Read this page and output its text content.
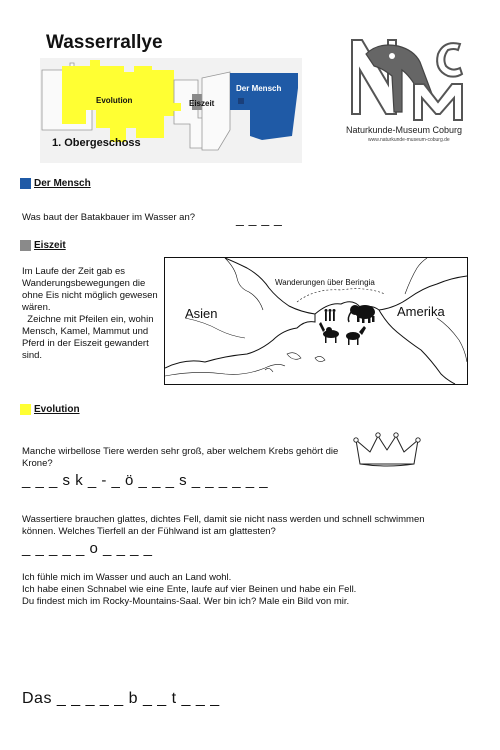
Wasserrallye
Evolution	Eiszeit
Der Mensch
1. Obergeschoss
Naturkunde-Museum Coburg
www.naturkunde-museum-coburg.de
Der Mensch
Was baut der Batakbauer im Wasser an?	_ _ _ _
Eiszeit
Im Laufe der Zeit gab es Wanderungsbewegungen die ohne Eis nicht möglich gewesen wären.
Zeichne mit Pfeilen ein, wohin Mensch, Kamel, Mammut und Pferd in der Eiszeit gewandert sind.
Asien	Amerika
Wanderungen über Beringia
Evolution
Manche wirbellose Tiere werden sehr groß, aber welchem Krebs gehört die Krone?
_ _ _ s k _ - _ ö _ _ _ s _ _ _ _ _ _
Wassertiere brauchen glattes, dichtes Fell, damit sie nicht nass werden und schnell schwimmen können. Welches Tierfell an der Fühlwand ist am glattesten?
_ _ _ _ _ o _ _ _ _
Ich fühle mich im Wasser und auch an Land wohl.
Ich habe einen Schnabel wie eine Ente, laufe auf vier Beinen und habe ein Fell.
Du findest mich im Rocky-Mountains-Saal. Wer bin ich? Male ein Bild von mir.
Das _ _ _ _ _ b _ _ t _ _ _
